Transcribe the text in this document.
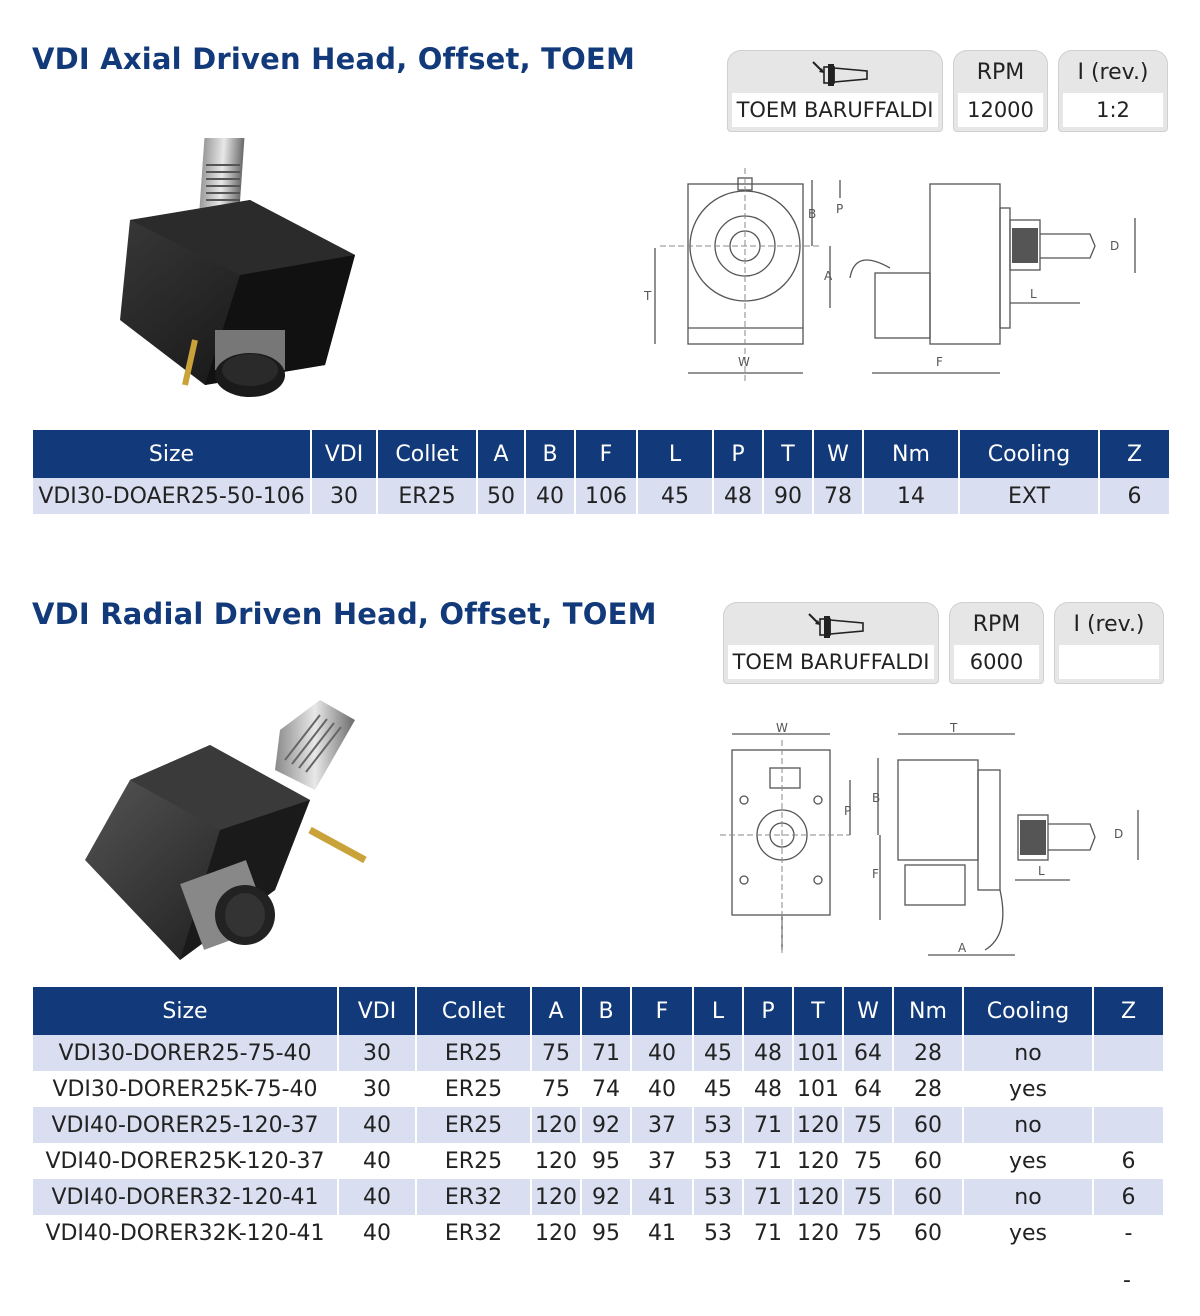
VDI Axial Driven Head, Offset, TOEM
TOEM BARUFFALDI
RPM
12000
I (rev.)
1:2
T
W
B P
A
F
L
D
Size	VDI	Collet	A	B	F	L	P	T	W	Nm	Cooling	Z
VDI30-DOAER25-50-106	30	ER25	50	40	106	45	48	90	78	14	EXT	6
VDI Radial Driven Head, Offset, TOEM
TOEM BARUFFALDI
RPM
6000
I (rev.)
W
P
B
F
T
L
D
A
Size	VDI	Collet	A	B	F	L	P	T	W	Nm	Cooling	Z
VDI30-DORER25-75-40	30	ER25	75	71	40	45	48	101	64	28	no	
VDI30-DORER25K-75-40	30	ER25	75	74	40	45	48	101	64	28	yes	
VDI40-DORER25-120-37	40	ER25	120	92	37	53	71	120	75	60	no	
VDI40-DORER25K-120-37	40	ER25	120	95	37	53	71	120	75	60	yes	6
VDI40-DORER32-120-41	40	ER32	120	92	41	53	71	120	75	60	no	6
VDI40-DORER32K-120-41	40	ER32	120	95	41	53	71	120	75	60	yes	-
-
